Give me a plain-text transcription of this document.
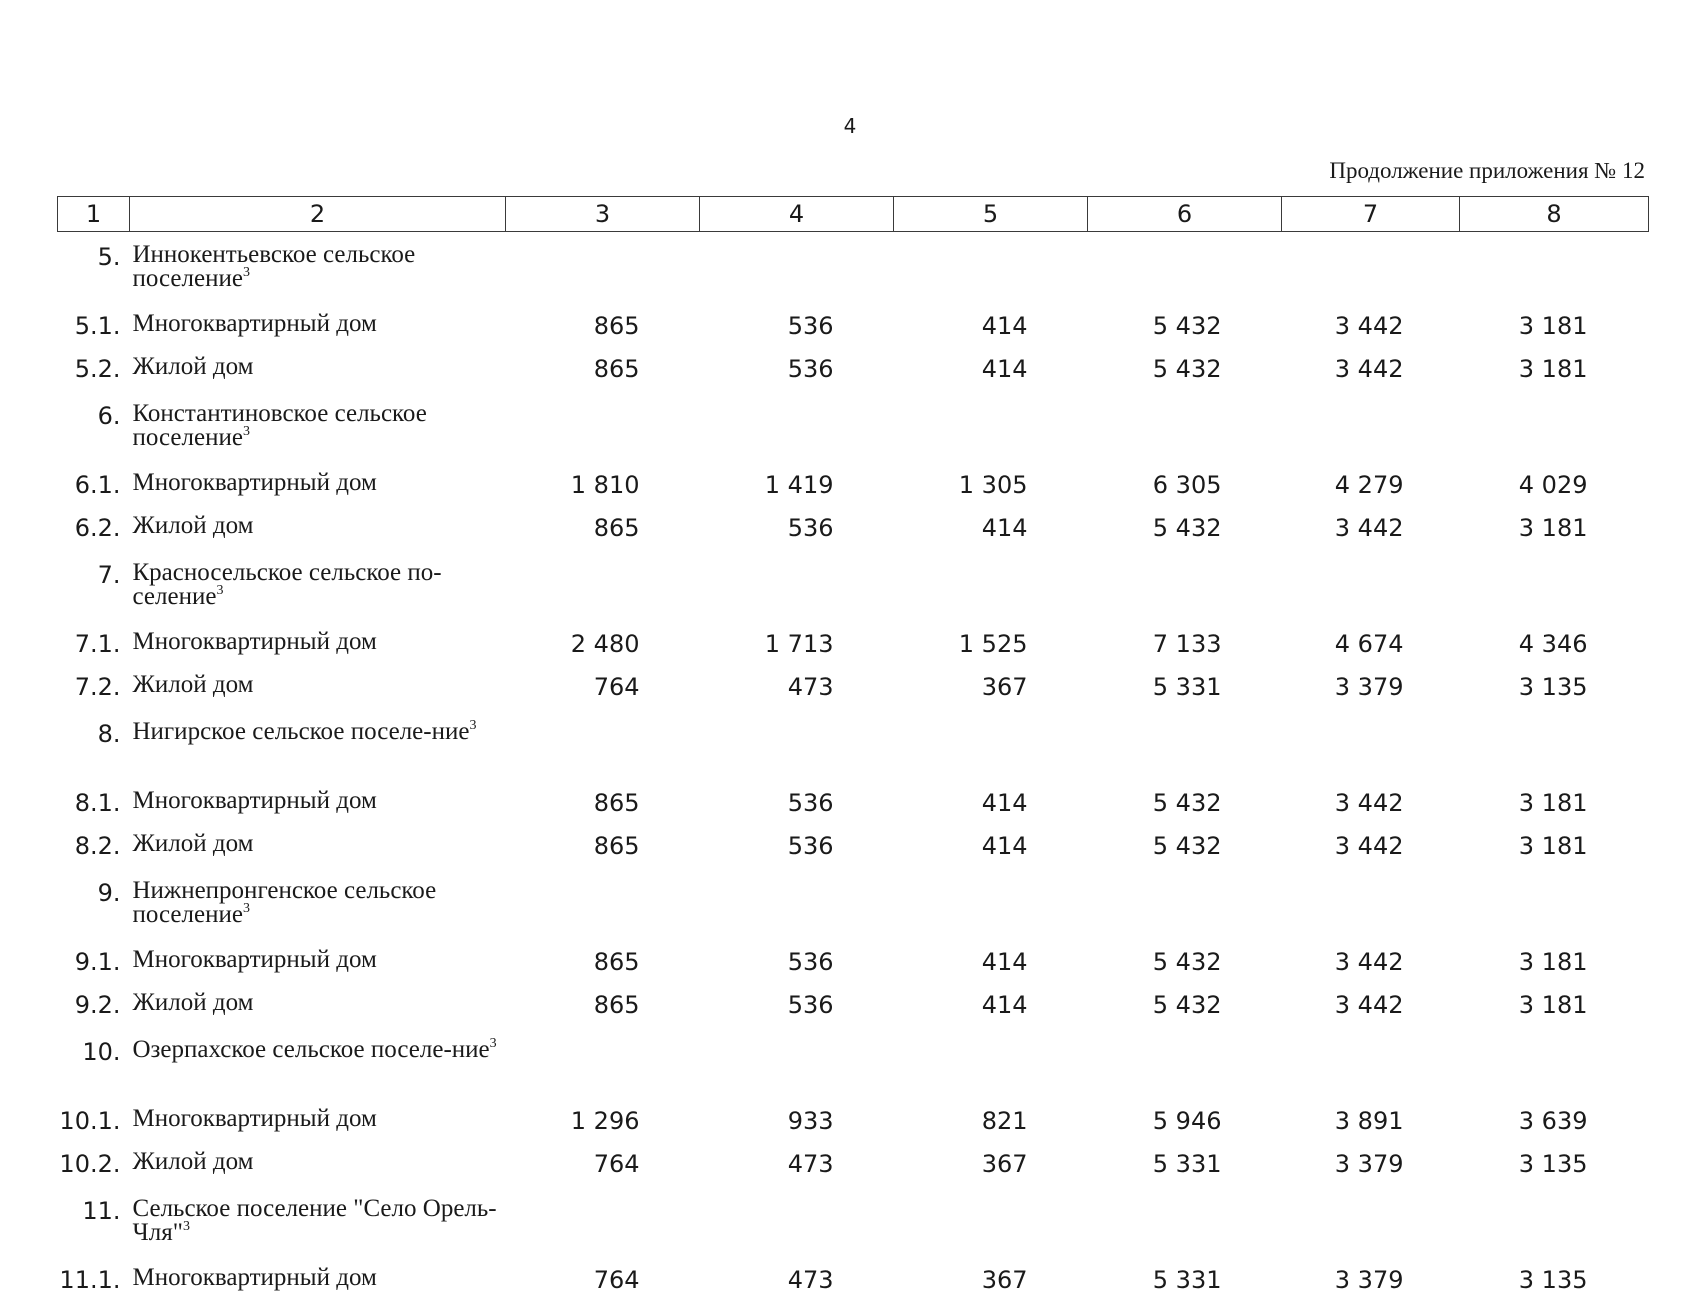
4
Продолжение приложения № 12
1	2	3	4	5	6	7	8
5.	Иннокентьевское сельское поселение$^3$						
5.1.	Многоквартирный дом	865	536	414	5 432	3 442	3 181
5.2.	Жилой дом	865	536	414	5 432	3 442	3 181
6.	Константиновское сельское поселение$^3$						
6.1.	Многоквартирный дом	1 810	1 419	1 305	6 305	4 279	4 029
6.2.	Жилой дом	865	536	414	5 432	3 442	3 181
7.	Красносельское сельское по-селение$^3$						
7.1.	Многоквартирный дом	2 480	1 713	1 525	7 133	4 674	4 346
7.2.	Жилой дом	764	473	367	5 331	3 379	3 135
8.	Нигирское сельское поселе-ние$^3$						
8.1.	Многоквартирный дом	865	536	414	5 432	3 442	3 181
8.2.	Жилой дом	865	536	414	5 432	3 442	3 181
9.	Нижнепронгенское сельское поселение$^3$						
9.1.	Многоквартирный дом	865	536	414	5 432	3 442	3 181
9.2.	Жилой дом	865	536	414	5 432	3 442	3 181
10.	Озерпахское сельское поселе-ние$^3$						
10.1.	Многоквартирный дом	1 296	933	821	5 946	3 891	3 639
10.2.	Жилой дом	764	473	367	5 331	3 379	3 135
11.	Сельское поселение "Село Орель-Чля"$^3$						
11.1.	Многоквартирный дом	764	473	367	5 331	3 379	3 135
